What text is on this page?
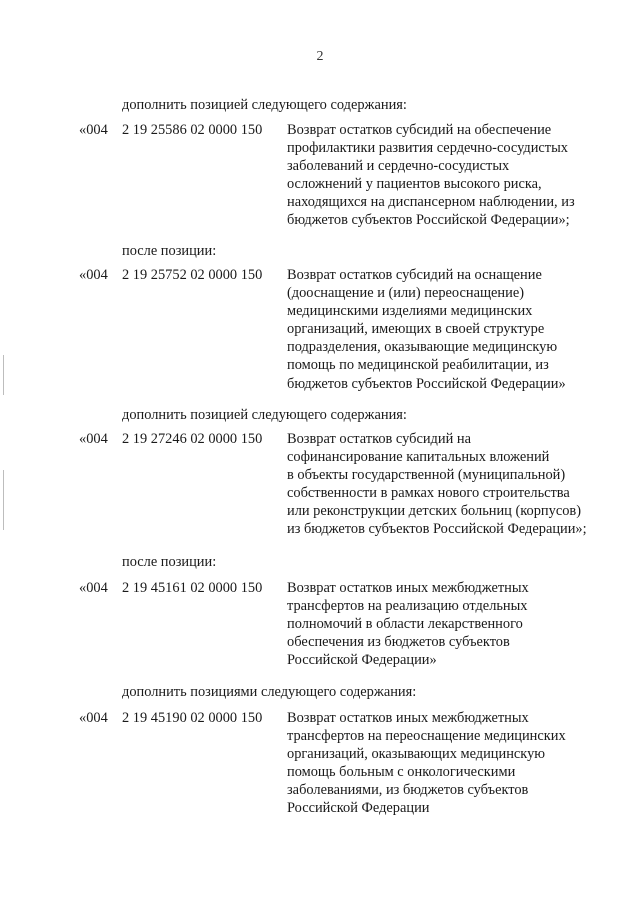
2
дополнить позицией следующего содержания:
«004 2 19 25586 02 0000 150 Возврат остатков субсидий на обеспечение
профилактики развития сердечно-сосудистых
заболеваний и сердечно-сосудистых
осложнений у пациентов высокого риска,
находящихся на диспансерном наблюдении, из
бюджетов субъектов Российской Федерации»;
после позиции:
«004 2 19 25752 02 0000 150 Возврат остатков субсидий на оснащение
(дооснащение и (или) переоснащение)
медицинскими изделиями медицинских
организаций, имеющих в своей структуре
подразделения, оказывающие медицинскую
помощь по медицинской реабилитации, из
бюджетов субъектов Российской Федерации»
дополнить позицией следующего содержания:
«004 2 19 27246 02 0000 150 Возврат остатков субсидий на
софинансирование капитальных вложений
в объекты государственной (муниципальной)
собственности в рамках нового строительства
или реконструкции детских больниц (корпусов)
из бюджетов субъектов Российской Федерации»;
после позиции:
«004 2 19 45161 02 0000 150 Возврат остатков иных межбюджетных
трансфертов на реализацию отдельных
полномочий в области лекарственного
обеспечения из бюджетов субъектов
Российской Федерации»
дополнить позициями следующего содержания:
«004 2 19 45190 02 0000 150 Возврат остатков иных межбюджетных
трансфертов на переоснащение медицинских
организаций, оказывающих медицинскую
помощь больным с онкологическими
заболеваниями, из бюджетов субъектов
Российской Федерации
